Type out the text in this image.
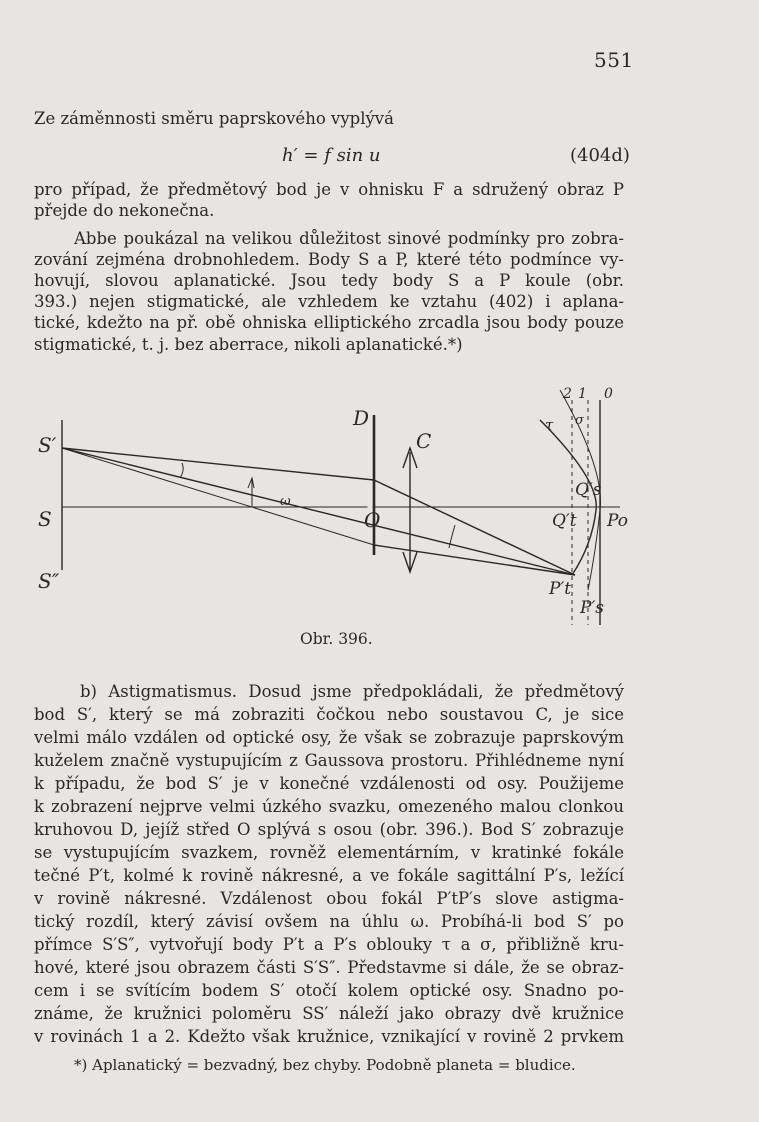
551
Ze záměnnosti směru paprskového vyplývá
h′ = f sin u	(404d)
pro případ, že předmětový bod je v ohnisku F a sdružený obraz P
přejde do nekonečna.
Abbe poukázal na velikou důležitost sinové podmínky pro zobra-
zování zejména drobnohledem. Body S a P, které této podmínce vy-
hovují, slovou aplanatické. Jsou tedy body S a P koule (obr.
393.) nejen stigmatické, ale vzhledem ke vztahu (402) i aplana-
tické, kdežto na př. obě ohniska elliptického zrcadla jsou body pouze
stigmatické, t. j. bez aberrace, nikoli aplanatické.*)
S′
S
S″
D
C
O
ω
2 1 0
τ σ
Q′s
Q′t Po
P′t
P′s
Obr. 396.
b) Astigmatismus. Dosud jsme předpokládali, že předmětový
bod S′, který se má zobraziti čočkou nebo soustavou C, je sice
velmi málo vzdálen od optické osy, že však se zobrazuje paprskovým
kuželem značně vystupujícím z Gaussova prostoru. Přihlédneme nyní
k případu, že bod S′ je v konečné vzdálenosti od osy. Použijeme
k zobrazení nejprve velmi úzkého svazku, omezeného malou clonkou
kruhovou D, jejíž střed O splývá s osou (obr. 396.). Bod S′ zobrazuje
se vystupujícím svazkem, rovněž elementárním, v kratinké fokále
tečné P′t, kolmé k rovině nákresné, a ve fokále sagittální P′s, ležící
v rovině nákresné. Vzdálenost obou fokál P′tP′s slove astigma-
tický rozdíl, který závisí ovšem na úhlu ω. Probíhá-li bod S′ po
přímce S′S″, vytvořují body P′t a P′s oblouky τ a σ, přibližně kru-
hové, které jsou obrazem části S′S″. Představme si dále, že se obraz-
cem i se svítícím bodem S′ otočí kolem optické osy. Snadno po-
známe, že kružnici poloměru SS′ náleží jako obrazy dvě kružnice
v rovinách 1 a 2. Kdežto však kružnice, vznikající v rovině 2 prvkem
*) Aplanatický = bezvadný, bez chyby. Podobně planeta = bludice.
